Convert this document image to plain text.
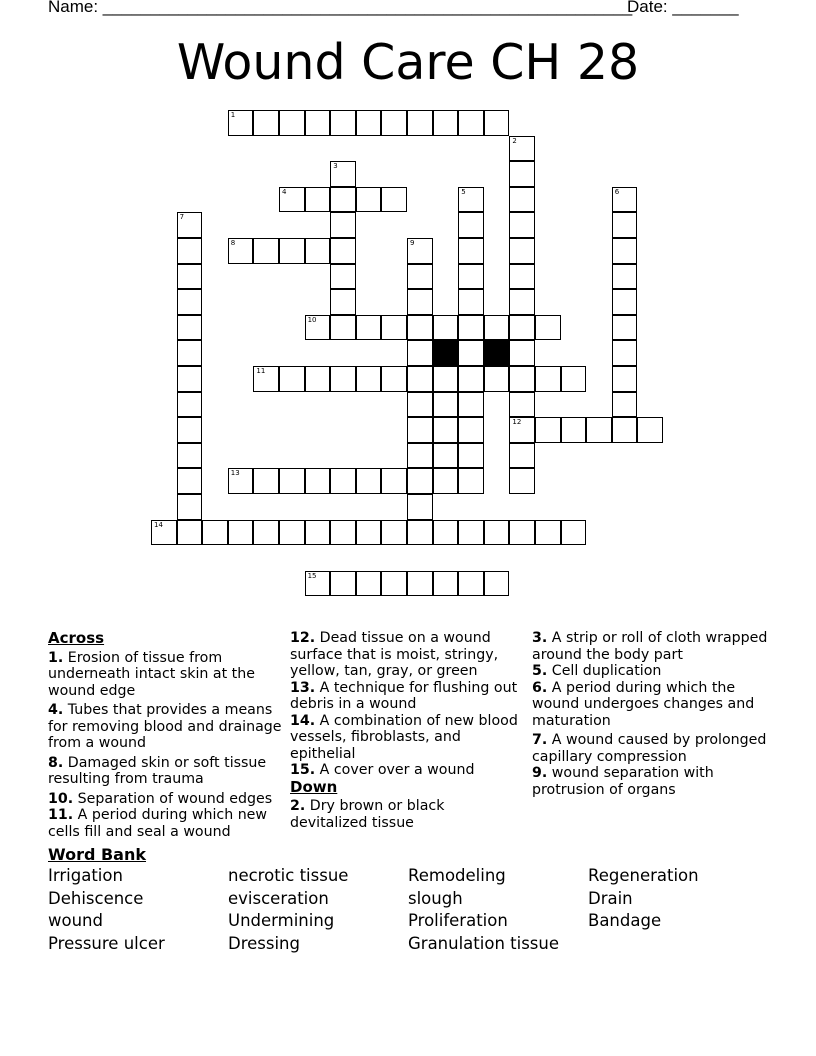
Name: ________________________________________________________
Date: _______
Wound Care CH 28
1
2
12
3
4	5	6
7
8	9
10
11
13
14
15
Across
1. Erosion of tissue from underneath intact skin at the wound edge
4. Tubes that provides a means for removing blood and drainage from a wound
8. Damaged skin or soft tissue resulting from trauma
10. Separation of wound edges
11. A period during which new cells fill and seal a wound
12. Dead tissue on a wound surface that is moist, stringy, yellow, tan, gray, or green
13. A technique for flushing out debris in a wound
14. A combination of new blood vessels, fibroblasts, and epithelial
15. A cover over a wound
Down
2. Dry brown or black devitalized tissue
3. A strip or roll of cloth wrapped around the body part
5. Cell duplication
6. A period during which the wound undergoes changes and maturation
7. A wound caused by prolonged capillary compression
9. wound separation with protrusion of organs
Word Bank
Irrigation	necrotic tissue	Remodeling	Regeneration
Dehiscence	evisceration	slough	Drain
wound	Undermining	Proliferation	Bandage
Pressure ulcer	Dressing	Granulation tissue
